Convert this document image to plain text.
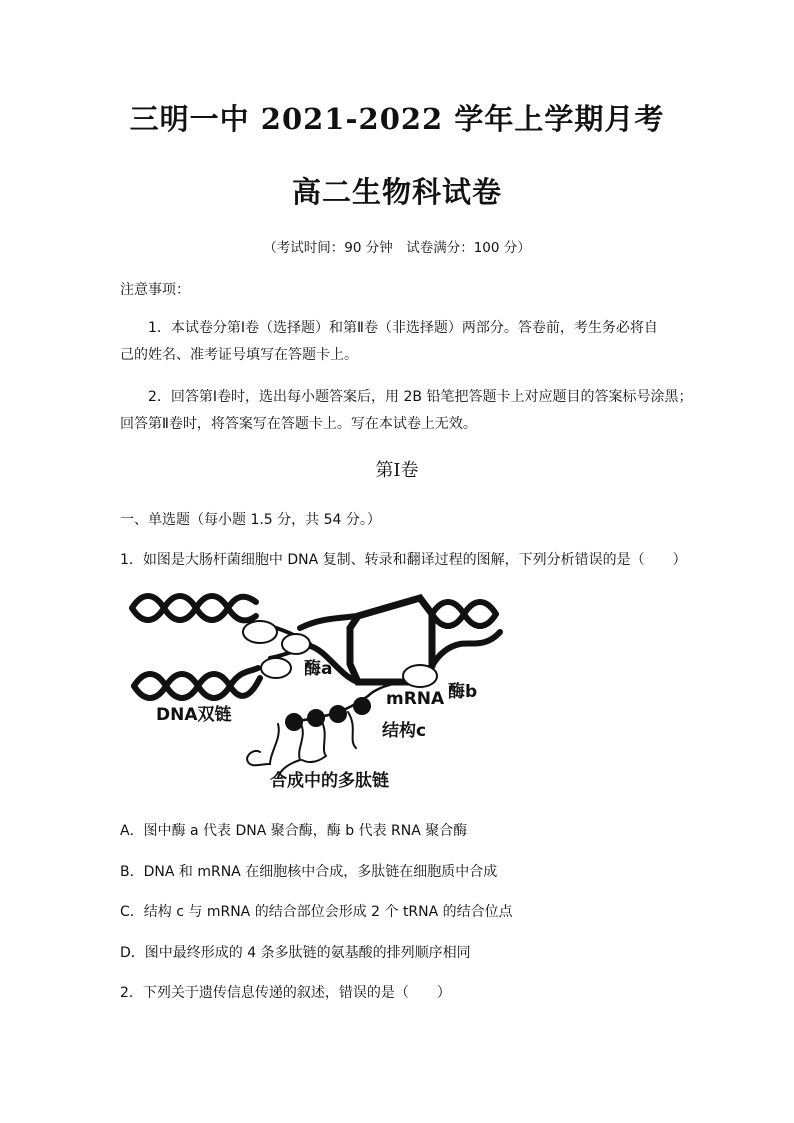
三明一中 2021-2022 学年上学期月考
高二生物科试卷
（考试时间：90 分钟　试卷满分：100 分）
注意事项：
1．本试卷分第Ⅰ卷（选择题）和第Ⅱ卷（非选择题）两部分。答卷前，考生务必将自
己的姓名、准考证号填写在答题卡上。
2．回答第Ⅰ卷时，选出每小题答案后，用 2B 铅笔把答题卡上对应题目的答案标号涂黑；
回答第Ⅱ卷时，将答案写在答题卡上。写在本试卷上无效。
第Ⅰ卷
一、单选题（每小题 1.5 分，共 54 分。）
1．如图是大肠杆菌细胞中 DNA 复制、转录和翻译过程的图解，下列分析错误的是（　　）
酶a
酶b
mRNA
DNA双链
结构c
合成中的多肽链
A．图中酶 a 代表 DNA 聚合酶，酶 b 代表 RNA 聚合酶
B．DNA 和 mRNA 在细胞核中合成，多肽链在细胞质中合成
C．结构 c 与 mRNA 的结合部位会形成 2 个 tRNA 的结合位点
D．图中最终形成的 4 条多肽链的氨基酸的排列顺序相同
2．下列关于遗传信息传递的叙述，错误的是（　　）
